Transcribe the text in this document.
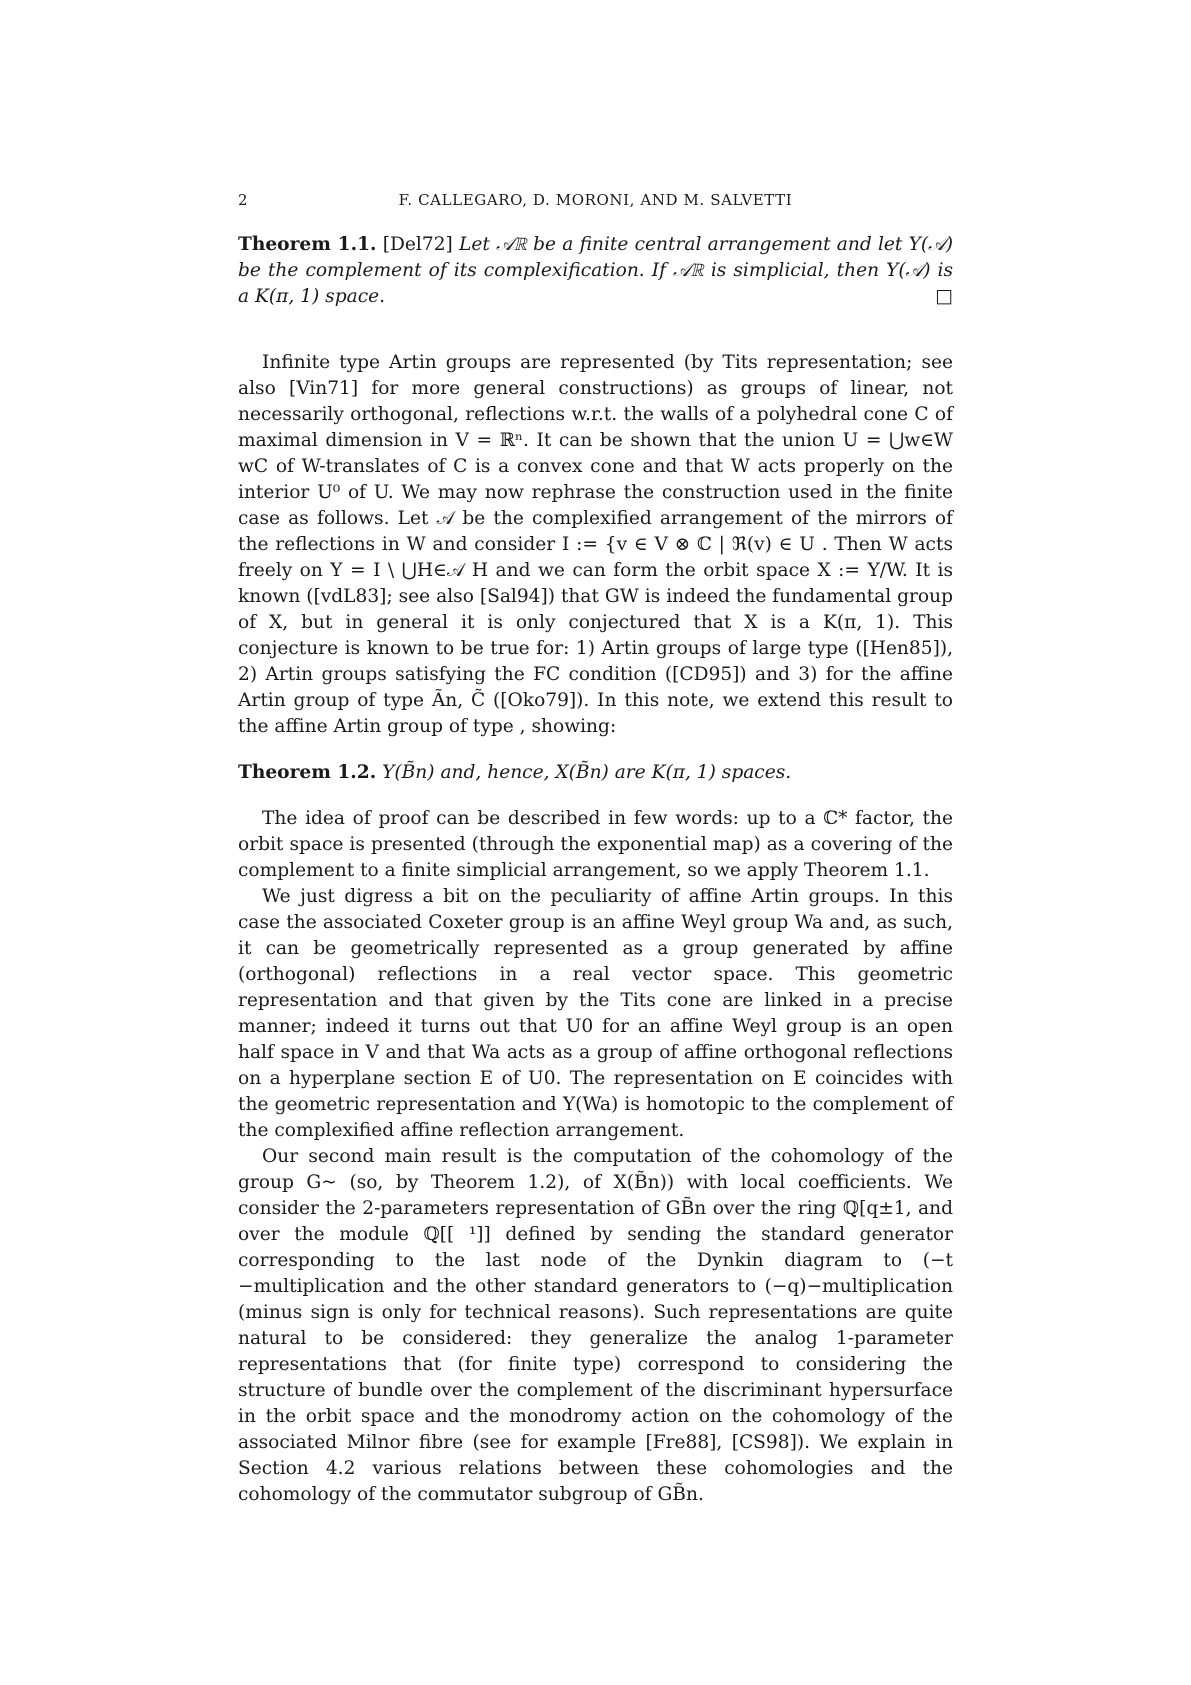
2	F. CALLEGARO, D. MORONI, AND M. SALVETTI

Theorem 1.1. [Del72] Let 𝒜ℝ be a finite central arrangement and let Y(𝒜) be the complement of its complexification. If 𝒜ℝ is simplicial, then Y(𝒜) is a K(π, 1) space.	□

Infinite type Artin groups are represented (by Tits representation; see also [Vin71] for more general constructions) as groups of linear, not necessarily orthogonal, reflections w.r.t. the walls of a polyhedral cone C of maximal dimension in V = ℝⁿ. It can be shown that the union U = ⋃w∈W wC of W-translates of C is a convex cone and that W acts properly on the interior U⁰ of U. We may now rephrase the construction used in the finite case as follows. Let 𝒜 be the complexified arrangement of the mirrors of the reflections in W and consider I := {v ∈ V ⊗ ℂ | ℜ(v) ∈ U . Then W acts freely on Y = I \ ⋃H∈𝒜 H and we can form the orbit space X := Y/W. It is known ([vdL83]; see also [Sal94]) that GW is indeed the fundamental group of X, but in general it is only conjectured that X is a K(π, 1). This conjecture is known to be true for: 1) Artin groups of large type ([Hen85]), 2) Artin groups satisfying the FC condition ([CD95]) and 3) for the affine Artin group of type Ãn, C̃ ([Oko79]). In this note, we extend this result to the affine Artin group of type , showing:

Theorem 1.2. Y(B̃n) and, hence, X(B̃n) are K(π, 1) spaces.

The idea of proof can be described in few words: up to a ℂ* factor, the orbit space is presented (through the exponential map) as a covering of the complement to a finite simplicial arrangement, so we apply Theorem 1.1.

We just digress a bit on the peculiarity of affine Artin groups. In this case the associated Coxeter group is an affine Weyl group Wa and, as such, it can be geometrically represented as a group generated by affine (orthogonal) reflections in a real vector space. This geometric representation and that given by the Tits cone are linked in a precise manner; indeed it turns out that U0 for an affine Weyl group is an open half space in V and that Wa acts as a group of affine orthogonal reflections on a hyperplane section E of U0. The representation on E coincides with the geometric representation and Y(Wa) is homotopic to the complement of the complexified affine reflection arrangement.

Our second main result is the computation of the cohomology of the group G~ (so, by Theorem 1.2), of X(B̃n)) with local coefficients. We consider the 2-parameters representation of GB̃n over the ring ℚ[q±1, and over the module ℚ[[ ¹]] defined by sending the standard generator corresponding to the last node of the Dynkin diagram to (−t −multiplication and the other standard generators to (−q)−multiplication (minus sign is only for technical reasons). Such representations are quite natural to be considered: they generalize the analog 1-parameter representations that (for finite type) correspond to considering the structure of bundle over the complement of the discriminant hypersurface in the orbit space and the monodromy action on the cohomology of the associated Milnor fibre (see for example [Fre88], [CS98]). We explain in Section 4.2 various relations between these cohomologies and the cohomology of the commutator subgroup of GB̃n.
